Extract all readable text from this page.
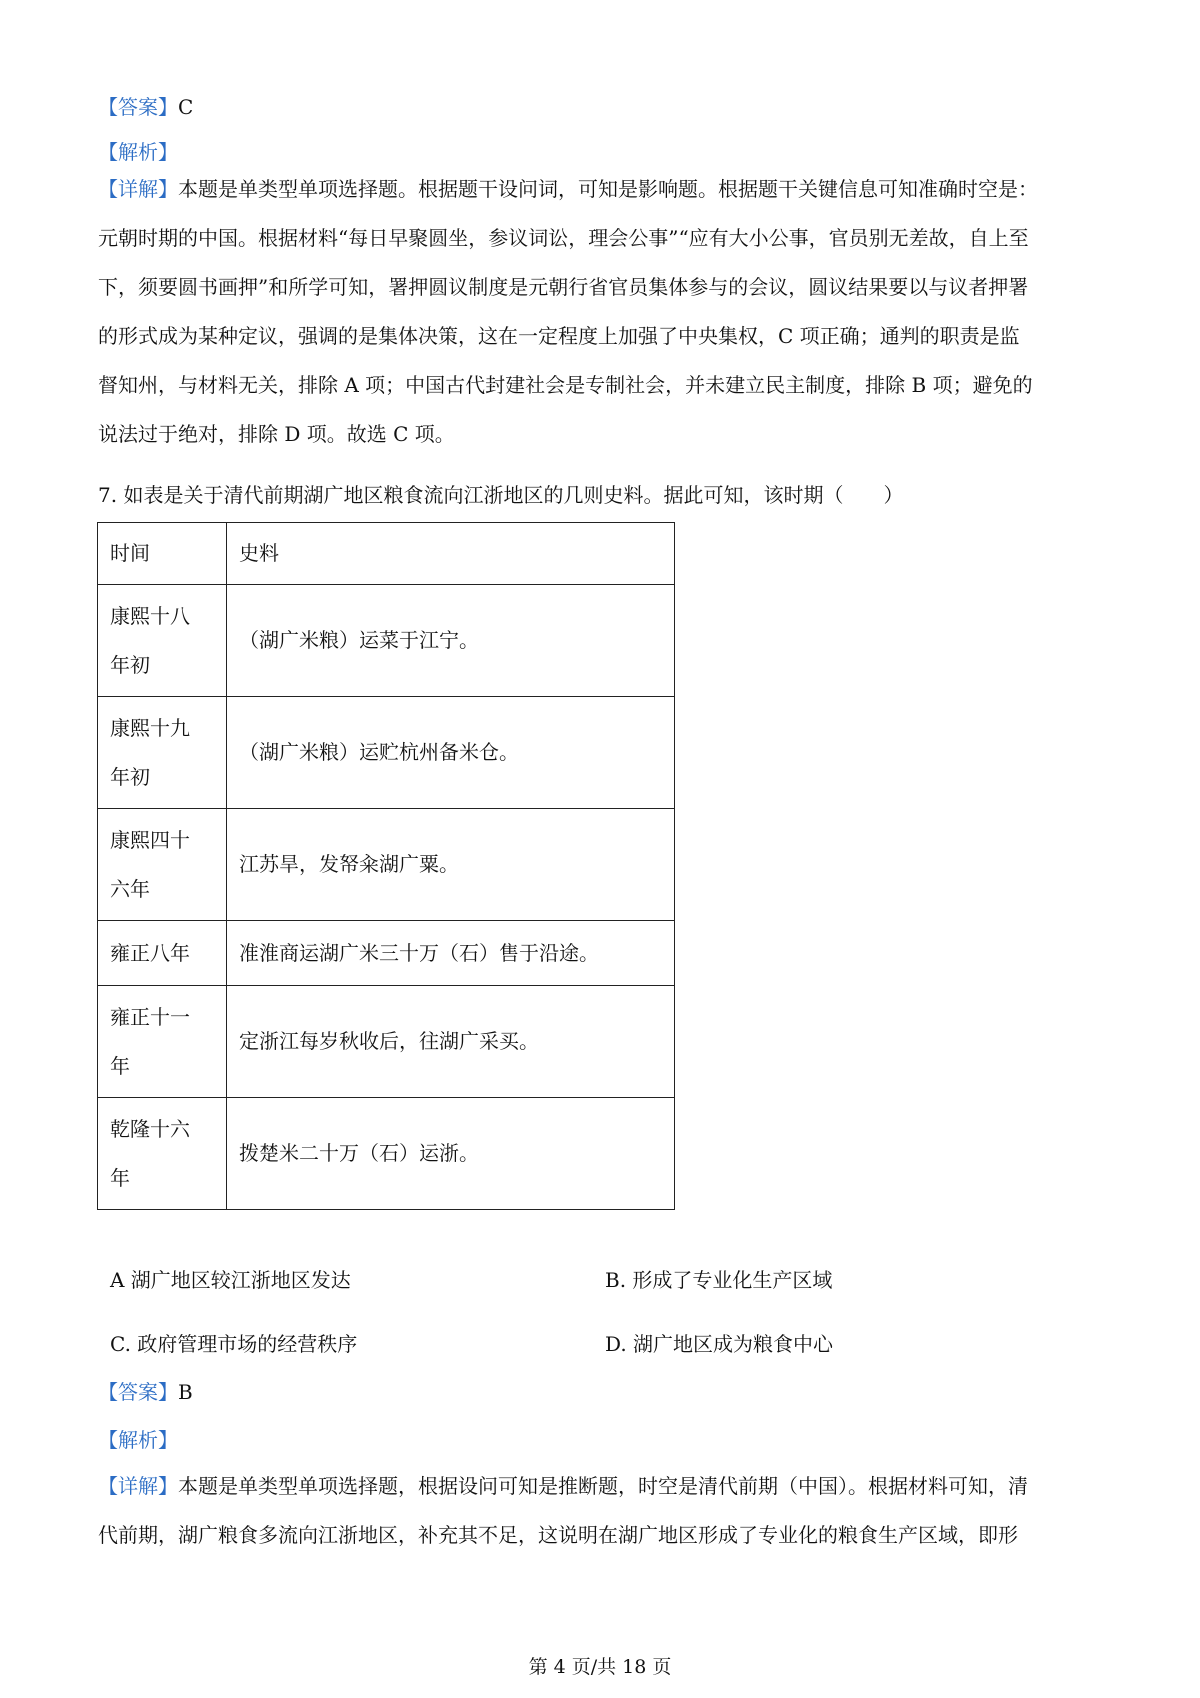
【答案】C
【解析】

【详解】本题是单类型单项选择题。根据题干设问词，可知是影响题。根据题干关键信息可知准确时空是：

元朝时期的中国。根据材料“每日早聚圆坐，参议词讼，理会公事”“应有大小公事，官员别无差故，自上至

下，须要圆书画押”和所学可知，署押圆议制度是元朝行省官员集体参与的会议，圆议结果要以与议者押署

的形式成为某种定议，强调的是集体决策，这在一定程度上加强了中央集权，C 项正确；通判的职责是监

督知州，与材料无关，排除 A 项；中国古代封建社会是专制社会，并未建立民主制度，排除 B 项；避免的

说法过于绝对，排除 D 项。故选 C 项。

7. 如表是关于清代前期湖广地区粮食流向江浙地区的几则史料。据此可知，该时期（　　）
时间	史料

康熙十八
年初	（湖广米粮）运菜于江宁。

康熙十九
年初	（湖广米粮）运贮杭州备米仓。

康熙四十
六年	江苏旱，发帑籴湖广粟。

雍正八年	准淮商运湖广米三十万（石）售于沿途。

雍正十一
年	定浙江每岁秋收后，往湖广采买。

乾隆十六
年	拨楚米二十万（石）运浙。
A 湖广地区较江浙地区发达	B. 形成了专业化生产区域
C. 政府管理市场的经营秩序	D. 湖广地区成为粮食中心
【答案】B
【解析】

【详解】本题是单类型单项选择题，根据设问可知是推断题，时空是清代前期（中国）。根据材料可知，清

代前期，湖广粮食多流向江浙地区，补充其不足，这说明在湖广地区形成了专业化的粮食生产区域，即形

第 4 页/共 18 页
